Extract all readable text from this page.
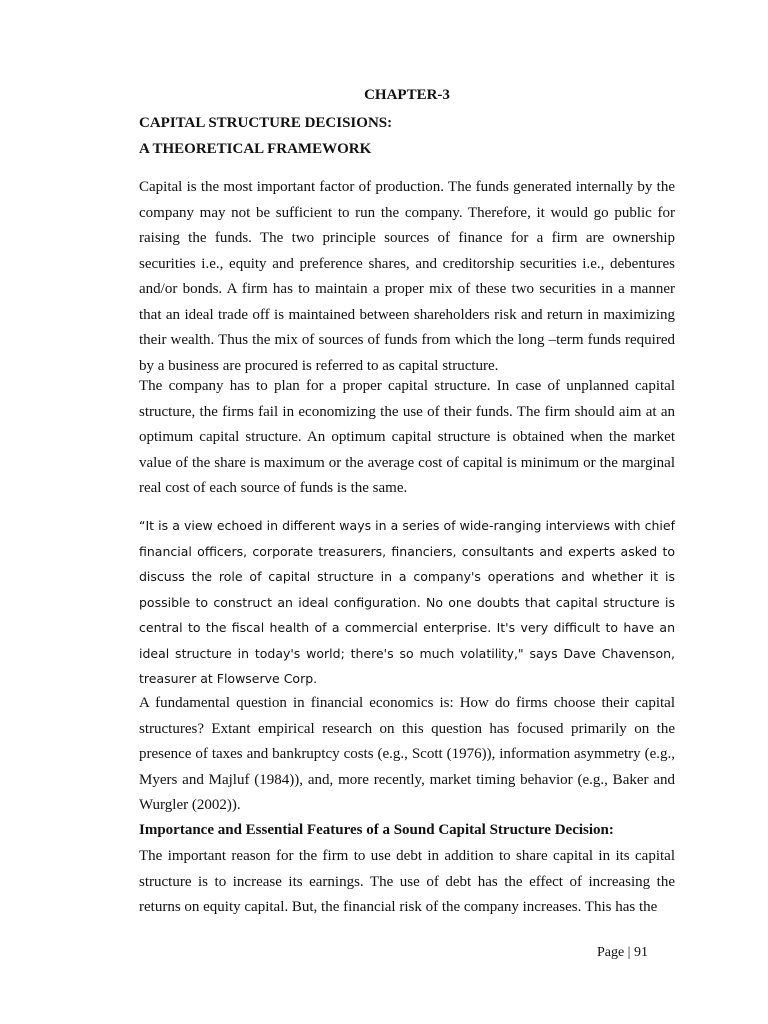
CHAPTER-3
CAPITAL STRUCTURE DECISIONS:
A THEORETICAL FRAMEWORK
Capital is the most important factor of production. The funds generated internally by the company may not be sufficient to run the company. Therefore, it would go public for raising the funds. The two principle sources of finance for a firm are ownership securities i.e., equity and preference shares, and creditorship securities i.e., debentures and/or bonds. A firm has to maintain a proper mix of these two securities in a manner that an ideal trade off is maintained between shareholders risk and return in maximizing their wealth. Thus the mix of sources of funds from which the long –term funds required by a business are procured is referred to as capital structure.
The company has to plan for a proper capital structure. In case of unplanned capital structure, the firms fail in economizing the use of their funds. The firm should aim at an optimum capital structure. An optimum capital structure is obtained when the market value of the share is maximum or the average cost of capital is minimum or the marginal real cost of each source of funds is the same.
“It is a view echoed in different ways in a series of wide-ranging interviews with chief financial officers, corporate treasurers, financiers, consultants and experts asked to discuss the role of capital structure in a company's operations and whether it is possible to construct an ideal configuration. No one doubts that capital structure is central to the fiscal health of a commercial enterprise. It's very difficult to have an ideal structure in today's world; there's so much volatility," says Dave Chavenson, treasurer at Flowserve Corp.
A fundamental question in financial economics is: How do firms choose their capital structures? Extant empirical research on this question has focused primarily on the presence of taxes and bankruptcy costs (e.g., Scott (1976)), information asymmetry (e.g., Myers and Majluf (1984)), and, more recently, market timing behavior (e.g., Baker and Wurgler (2002)).
Importance and Essential Features of a Sound Capital Structure Decision:
The important reason for the firm to use debt in addition to share capital in its capital structure is to increase its earnings. The use of debt has the effect of increasing the returns on equity capital. But, the financial risk of the company increases. This has the
Page | 91
